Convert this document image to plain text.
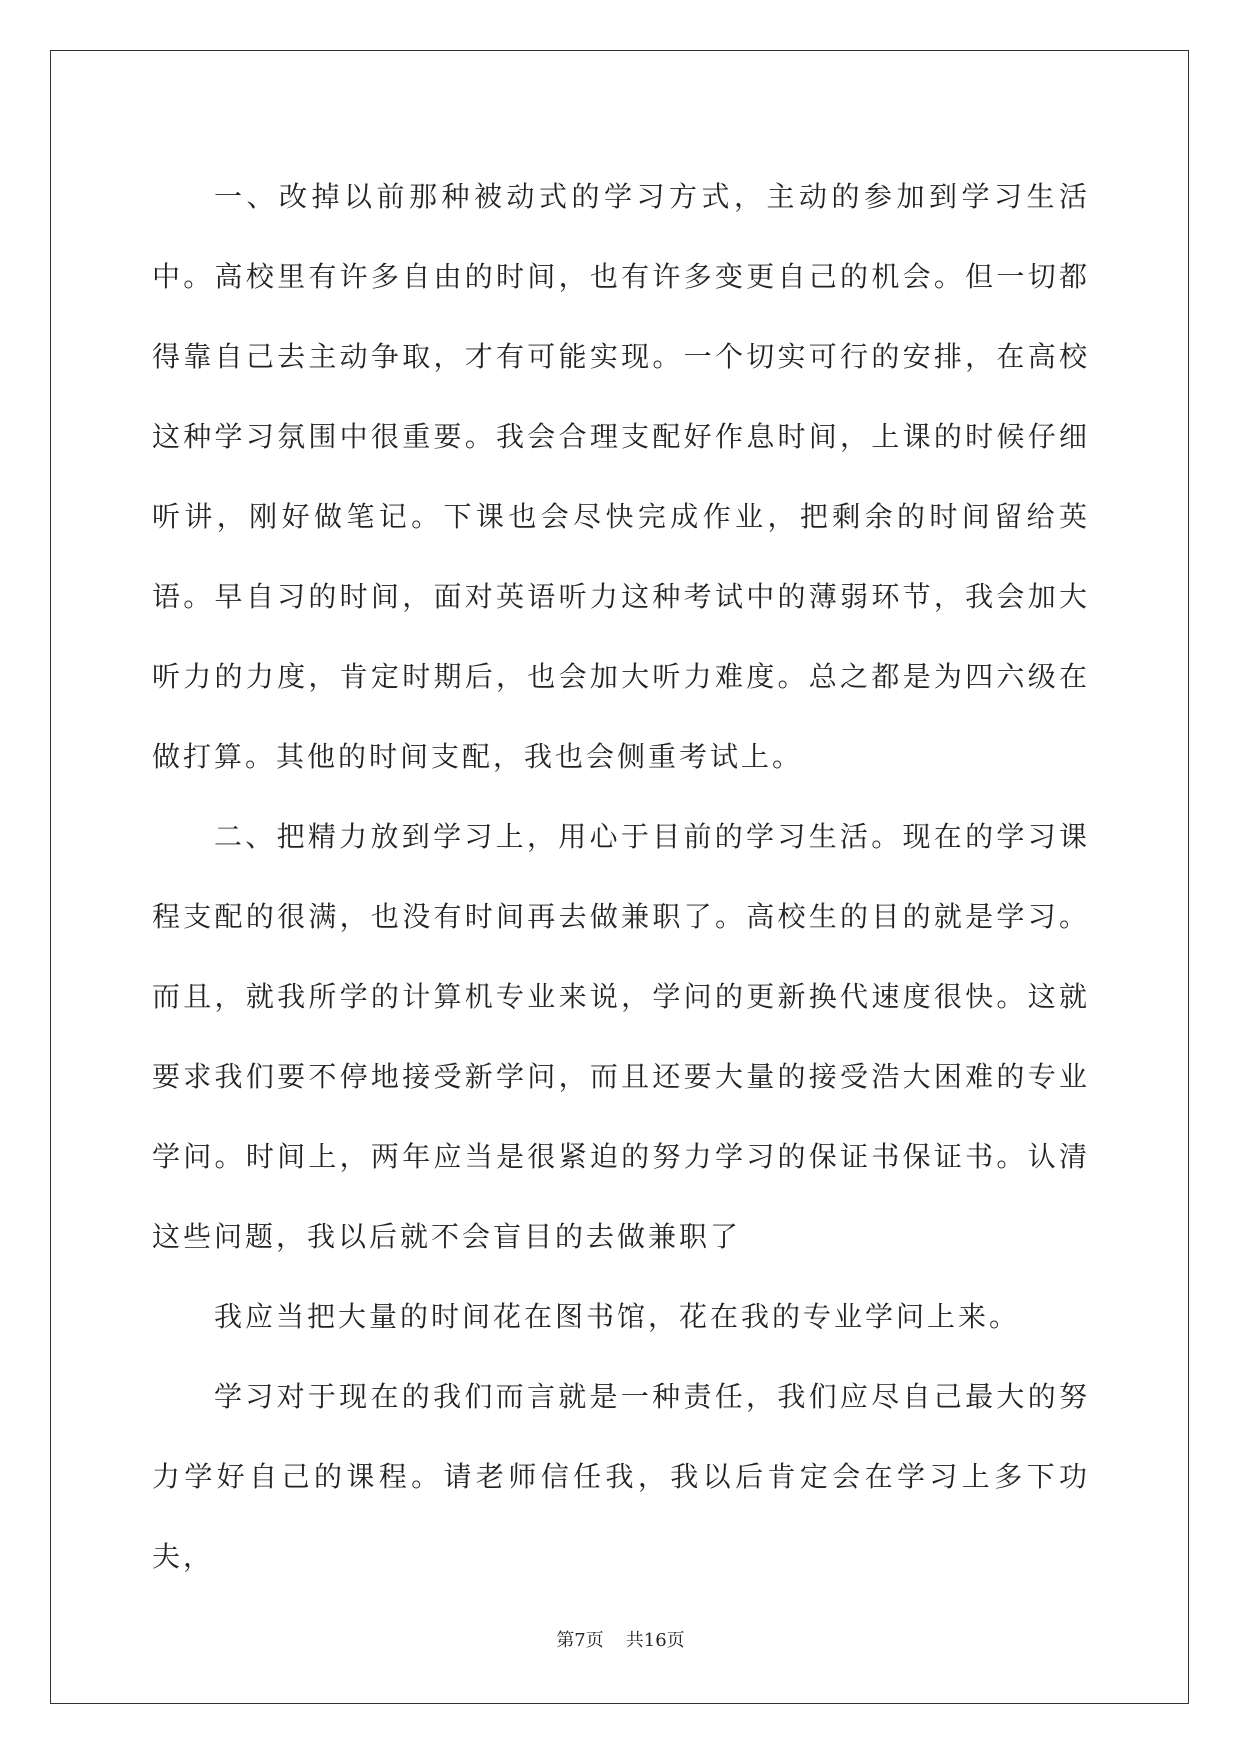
一、改掉以前那种被动式的学习方式，主动的参加到学习生活中。高校里有许多自由的时间，也有许多变更自己的机会。但一切都得靠自己去主动争取，才有可能实现。一个切实可行的安排，在高校这种学习氛围中很重要。我会合理支配好作息时间，上课的时候仔细听讲，刚好做笔记。下课也会尽快完成作业，把剩余的时间留给英语。早自习的时间，面对英语听力这种考试中的薄弱环节，我会加大听力的力度，肯定时期后，也会加大听力难度。总之都是为四六级在做打算。其他的时间支配，我也会侧重考试上。

二、把精力放到学习上，用心于目前的学习生活。现在的学习课程支配的很满，也没有时间再去做兼职了。高校生的目的就是学习。而且，就我所学的计算机专业来说，学问的更新换代速度很快。这就要求我们要不停地接受新学问，而且还要大量的接受浩大困难的专业学问。时间上，两年应当是很紧迫的努力学习的保证书保证书。认清这些问题，我以后就不会盲目的去做兼职了

我应当把大量的时间花在图书馆，花在我的专业学问上来。

学习对于现在的我们而言就是一种责任，我们应尽自己最大的努力学好自己的课程。请老师信任我，我以后肯定会在学习上多下功夫，

第7页 共16页
